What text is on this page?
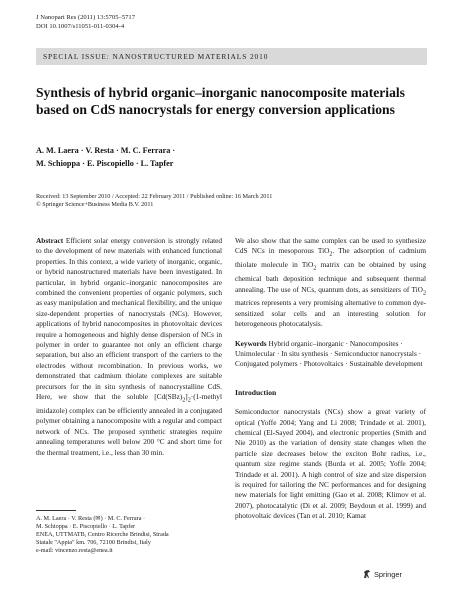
J Nanopart Res (2011) 13:5705–5717
DOI 10.1007/s11051-011-0304-4
SPECIAL ISSUE: NANOSTRUCTURED MATERIALS 2010
Synthesis of hybrid organic–inorganic nanocomposite materials based on CdS nanocrystals for energy conversion applications
A. M. Laera · V. Resta · M. C. Ferrara ·
M. Schioppa · E. Piscopiello · L. Tapfer
Received: 13 September 2010 / Accepted: 22 February 2011 / Published online: 16 March 2011
© Springer Science+Business Media B.V. 2011

Abstract Efficient solar energy conversion is strongly related to the development of new materials with enhanced functional properties. In this context, a wide variety of inorganic, organic, or hybrid nanostructured materials have been investigated. In particular, in hybrid organic–inorganic nanocomposites are combined the convenient properties of organic polymers, such as easy manipulation and mechanical flexibility, and the unique size-dependent properties of nanocrystals (NCs). However, applications of hybrid nanocomposites in photovoltaic devices require a homogeneous and highly dense dispersion of NCs in polymer in order to guarantee not only an efficient charge separation, but also an efficient transport of the carriers to the electrodes without recombination. In previous works, we demonstrated that cadmium thiolate complexes are suitable precursors for the in situ synthesis of nanocrystalline CdS. Here, we show that the soluble $[Cd(SBz)_2]_2\cdot(1$-methyl imidazole) complex can be efficiently annealed in a conjugated polymer obtaining a nanocomposite with a regular and compact network of NCs. The proposed synthetic strategies require annealing temperatures well below 200 °C and short time for the thermal treatment, i.e., less than 30 min.

We also show that the same complex can be used to synthesize CdS NCs in mesoporous TiO$_2$. The adsorption of cadmium thiolate molecule in TiO$_2$ matrix can be obtained by using chemical bath deposition technique and subsequent thermal annealing. The use of NCs, quantum dots, as sensitizers of TiO$_2$ matrices represents a very promising alternative to common dye-sensitized solar cells and an interesting solution for heterogeneous photocatalysis.

Keywords Hybrid organic–inorganic · Nanocomposites · Unimolecular · In situ synthesis · Semiconductor nanocrystals · Conjugated polymers · Photovoltaics · Sustainable development

Introduction

Semiconductor nanocrystals (NCs) show a great variety of optical (Yoffe 2004; Yang and Li 2008; Trindade et al. 2001), chemical (El-Sayed 2004), and electronic properties (Smith and Nie 2010) as the variation of density state changes when the particle size decreases below the exciton Bohr radius, i.e., quantum size regime stands (Burda et al. 2005; Yoffe 2004; Trindade et al. 2001). A high control of size and size dispersion is required for tailoring the NC performances and for designing new materials for light emitting (Gao et al. 2008; Klimov et al. 2007), photocatalytic (Di et al. 2009; Beydoun et al. 1999) and photovoltaic devices (Tan et al. 2010; Kamat

A. M. Laera · V. Resta (✉) · M. C. Ferrara ·
M. Schioppa · E. Piscopiello · L. Tapfer
ENEA, UTTMATB, Centro Ricerche Brindisi, Strada
Statale "Appia" km. 706, 72100 Brindisi, Italy
e-mail: vincenzo.resta@enea.it
Springer
